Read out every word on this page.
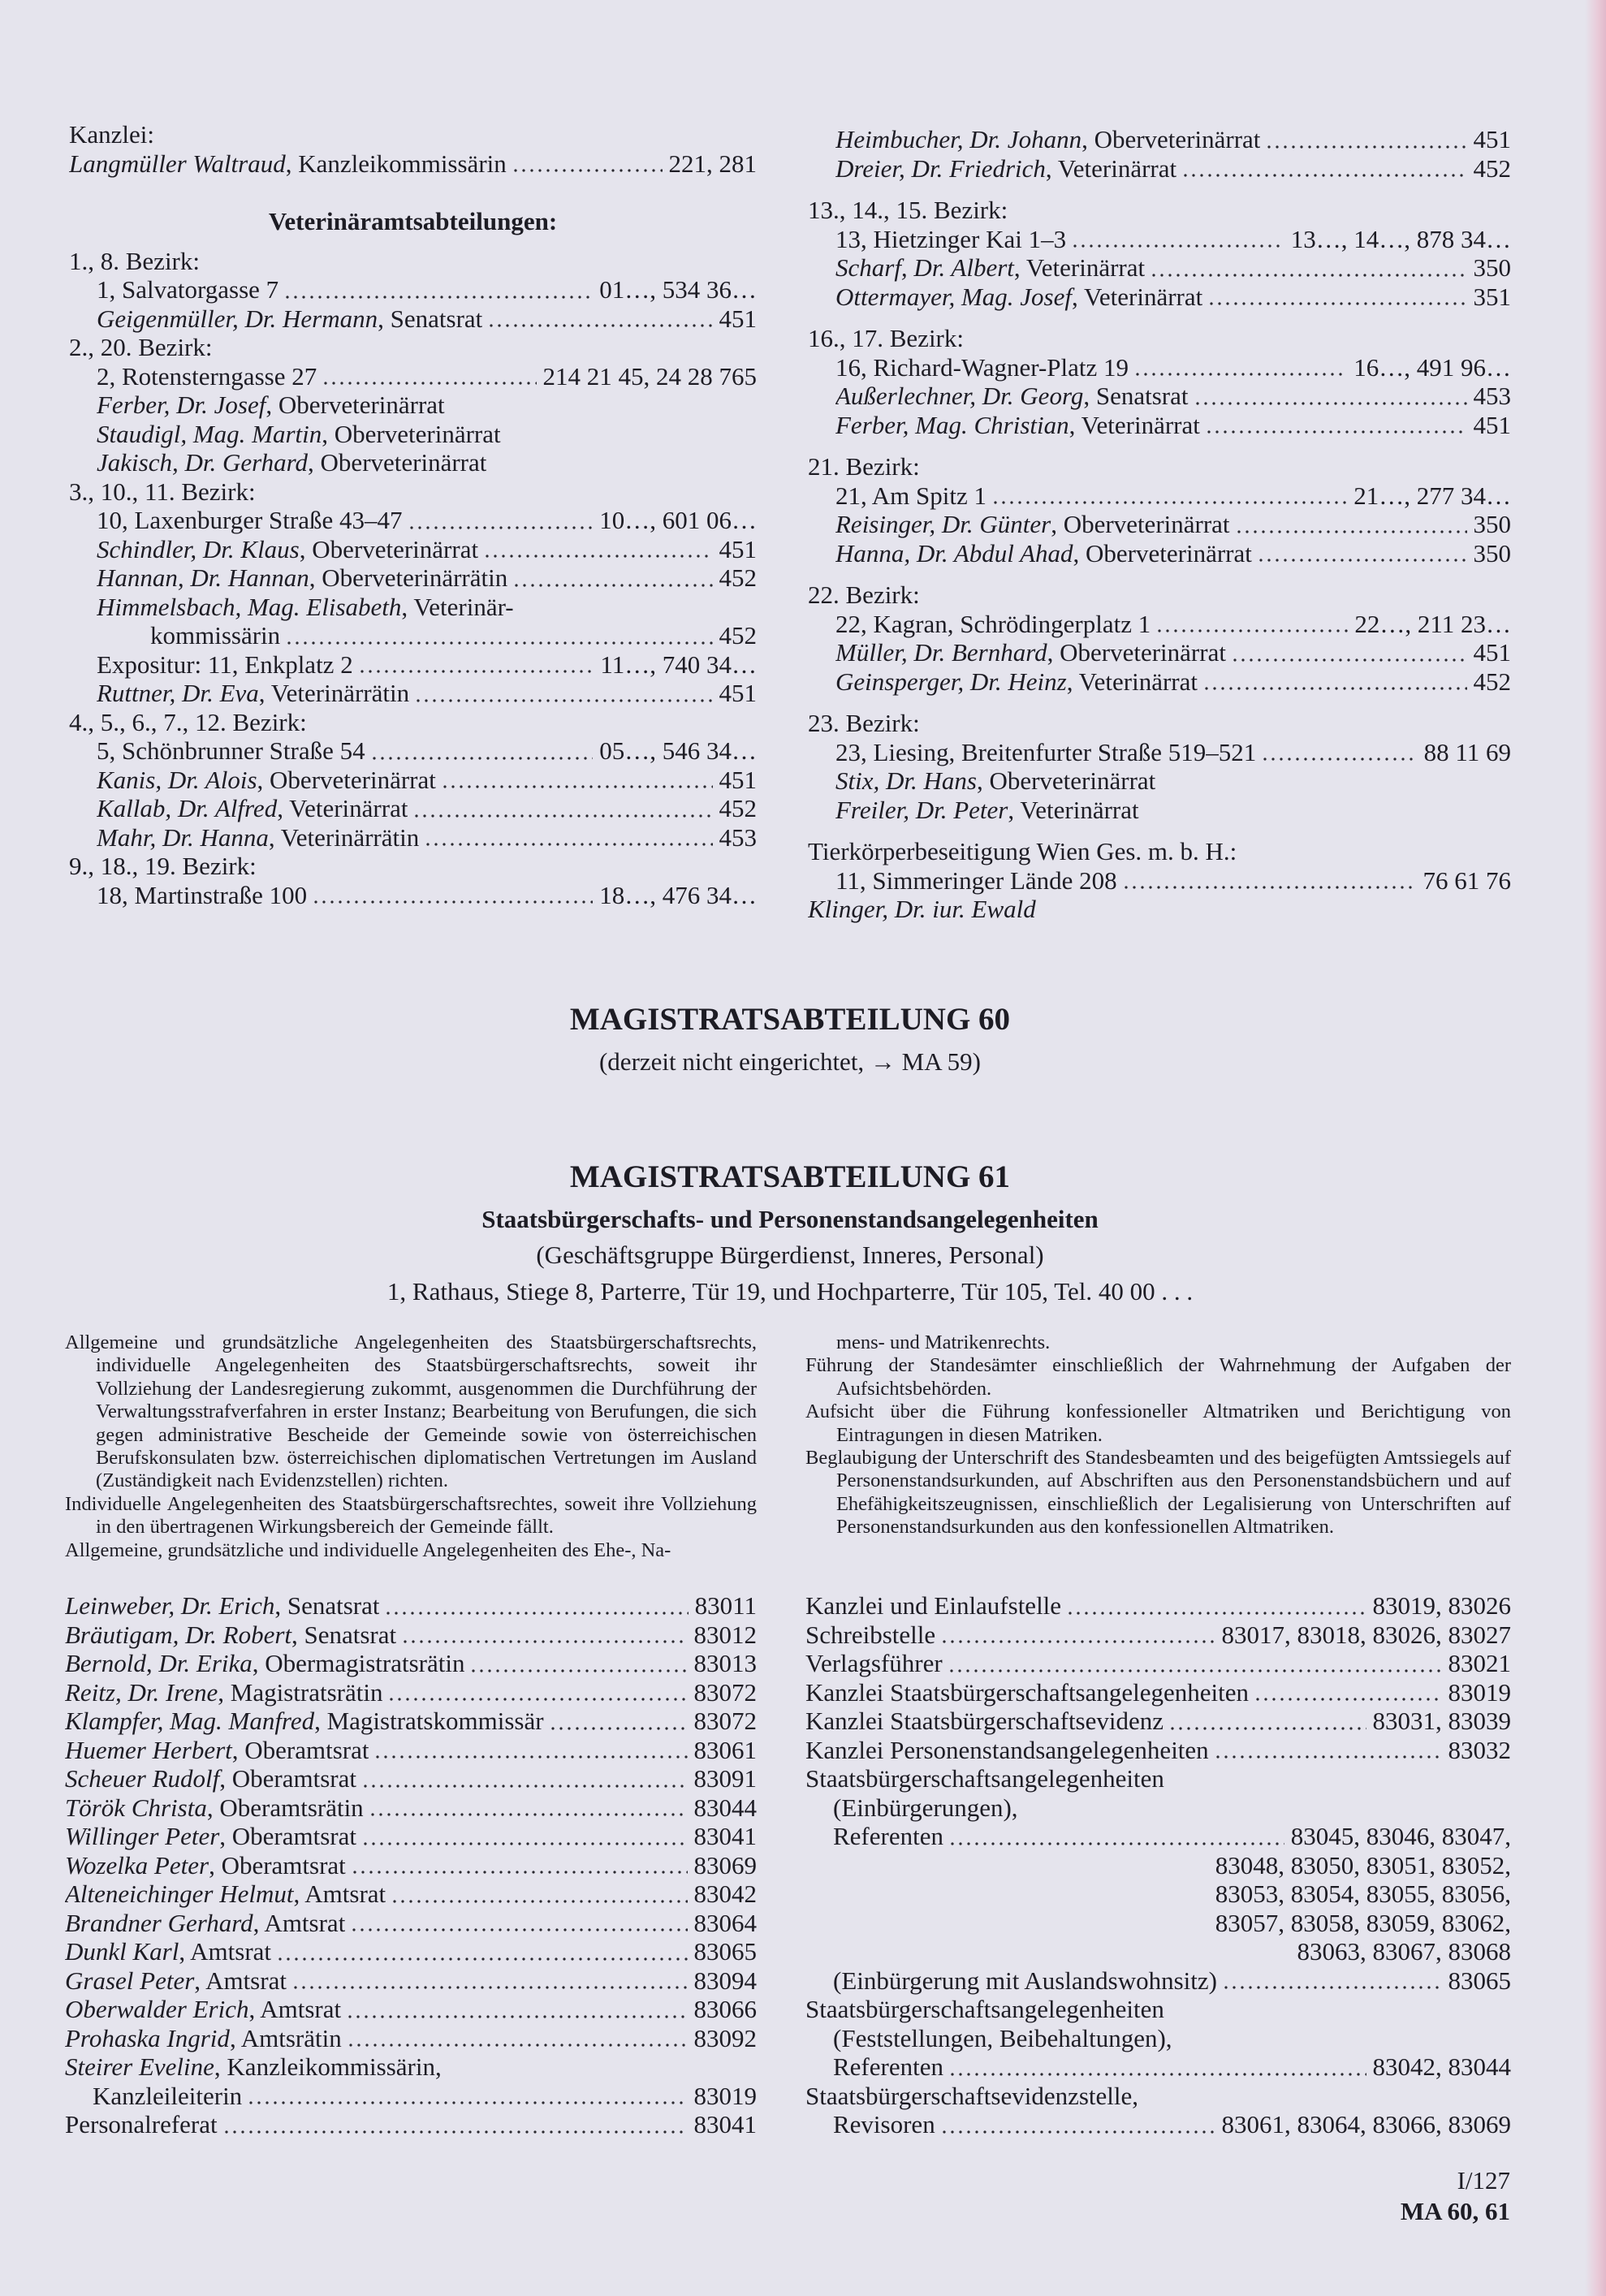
Kanzlei:
Langmüller Waltraud, Kanzleikommissärin	221, 281
Veterinäramtsabteilungen:
1., 8. Bezirk:
1, Salvatorgasse 7	01…, 534 36…
Geigenmüller, Dr. Hermann, Senatsrat	451
2., 20. Bezirk:
2, Rotensterngasse 27	214 21 45, 24 28 765
Ferber, Dr. Josef, Oberveterinärrat
Staudigl, Mag. Martin, Oberveterinärrat
Jakisch, Dr. Gerhard, Oberveterinärrat
3., 10., 11. Bezirk:
10, Laxenburger Straße 43–47	10…, 601 06…
Schindler, Dr. Klaus, Oberveterinärrat	451
Hannan, Dr. Hannan, Oberveterinärrätin	452
Himmelsbach, Mag. Elisabeth, Veterinär-
kommissärin	452
Expositur: 11, Enkplatz 2	11…, 740 34…
Ruttner, Dr. Eva, Veterinärrätin	451
4., 5., 6., 7., 12. Bezirk:
5, Schönbrunner Straße 54	05…, 546 34…
Kanis, Dr. Alois, Oberveterinärrat	451
Kallab, Dr. Alfred, Veterinärrat	452
Mahr, Dr. Hanna, Veterinärrätin	453
9., 18., 19. Bezirk:
18, Martinstraße 100	18…, 476 34…
Heimbucher, Dr. Johann, Oberveterinärrat	451
Dreier, Dr. Friedrich, Veterinärrat	452
13., 14., 15. Bezirk:
13, Hietzinger Kai 1–3	13…, 14…, 878 34…
Scharf, Dr. Albert, Veterinärrat	350
Ottermayer, Mag. Josef, Veterinärrat	351
16., 17. Bezirk:
16, Richard-Wagner-Platz 19	16…, 491 96…
Außerlechner, Dr. Georg, Senatsrat	453
Ferber, Mag. Christian, Veterinärrat	451
21. Bezirk:
21, Am Spitz 1	21…, 277 34…
Reisinger, Dr. Günter, Oberveterinärrat	350
Hanna, Dr. Abdul Ahad, Oberveterinärrat	350
22. Bezirk:
22, Kagran, Schrödingerplatz 1	22…, 211 23…
Müller, Dr. Bernhard, Oberveterinärrat	451
Geinsperger, Dr. Heinz, Veterinärrat	452
23. Bezirk:
23, Liesing, Breitenfurter Straße 519–521	88 11 69
Stix, Dr. Hans, Oberveterinärrat
Freiler, Dr. Peter, Veterinärrat
Tierkörperbeseitigung Wien Ges. m. b. H.:
11, Simmeringer Lände 208	76 61 76
Klinger, Dr. iur. Ewald
MAGISTRATSABTEILUNG 60
(derzeit nicht eingerichtet, → MA 59)
MAGISTRATSABTEILUNG 61
Staatsbürgerschafts- und Personenstandsangelegenheiten
(Geschäftsgruppe Bürgerdienst, Inneres, Personal)
1, Rathaus, Stiege 8, Parterre, Tür 19, und Hochparterre, Tür 105, Tel. 40 00 . . .

Allgemeine und grundsätzliche Angelegenheiten des Staatsbürgerschaftsrechts, individuelle Angelegenheiten des Staatsbürgerschaftsrechts, soweit ihr Vollziehung der Landesregierung zukommt, ausgenommen die Durchführung der Verwaltungsstrafverfahren in erster Instanz; Bearbeitung von Berufungen, die sich gegen administrative Bescheide der Gemeinde sowie von österreichischen Berufskonsulaten bzw. österreichischen diplomatischen Vertretungen im Ausland (Zuständigkeit nach Evidenzstellen) richten.

Individuelle Angelegenheiten des Staatsbürgerschaftsrechtes, soweit ihre Vollziehung in den übertragenen Wirkungsbereich der Gemeinde fällt.

Allgemeine, grundsätzliche und individuelle Angelegenheiten des Ehe-, Na-

mens- und Matrikenrechts.

Führung der Standesämter einschließlich der Wahrnehmung der Aufgaben der Aufsichtsbehörden.

Aufsicht über die Führung konfessioneller Altmatriken und Berichtigung von Eintragungen in diesen Matriken.

Beglaubigung der Unterschrift des Standesbeamten und des beigefügten Amtssiegels auf Personenstandsurkunden, auf Abschriften aus den Personenstandsbüchern und auf Ehefähigkeitszeugnissen, einschließlich der Legalisierung von Unterschriften auf Personenstandsurkunden aus den konfessionellen Altmatriken.

Leinweber, Dr. Erich, Senatsrat	83011
Bräutigam, Dr. Robert, Senatsrat	83012
Bernold, Dr. Erika, Obermagistratsrätin	83013
Reitz, Dr. Irene, Magistratsrätin	83072
Klampfer, Mag. Manfred, Magistratskommissär	83072
Huemer Herbert, Oberamtsrat	83061
Scheuer Rudolf, Oberamtsrat	83091
Török Christa, Oberamtsrätin	83044
Willinger Peter, Oberamtsrat	83041
Wozelka Peter, Oberamtsrat	83069
Alteneichinger Helmut, Amtsrat	83042
Brandner Gerhard, Amtsrat	83064
Dunkl Karl, Amtsrat	83065
Grasel Peter, Amtsrat	83094
Oberwalder Erich, Amtsrat	83066
Prohaska Ingrid, Amtsrätin	83092
Steirer Eveline, Kanzleikommissärin,
Kanzleileiterin	83019
Personalreferat	83041
Kanzlei und Einlaufstelle	83019, 83026
Schreibstelle	83017, 83018, 83026, 83027
Verlagsführer	83021
Kanzlei Staatsbürgerschaftsangelegenheiten	83019
Kanzlei Staatsbürgerschaftsevidenz	83031, 83039
Kanzlei Personenstandsangelegenheiten	83032
Staatsbürgerschaftsangelegenheiten
(Einbürgerungen),
Referenten	83045, 83046, 83047,
83048, 83050, 83051, 83052,
83053, 83054, 83055, 83056,
83057, 83058, 83059, 83062,
83063, 83067, 83068
(Einbürgerung mit Auslandswohnsitz)	83065
Staatsbürgerschaftsangelegenheiten
(Feststellungen, Beibehaltungen),
Referenten	83042, 83044
Staatsbürgerschaftsevidenzstelle,
Revisoren	83061, 83064, 83066, 83069
I/127
MA 60, 61
